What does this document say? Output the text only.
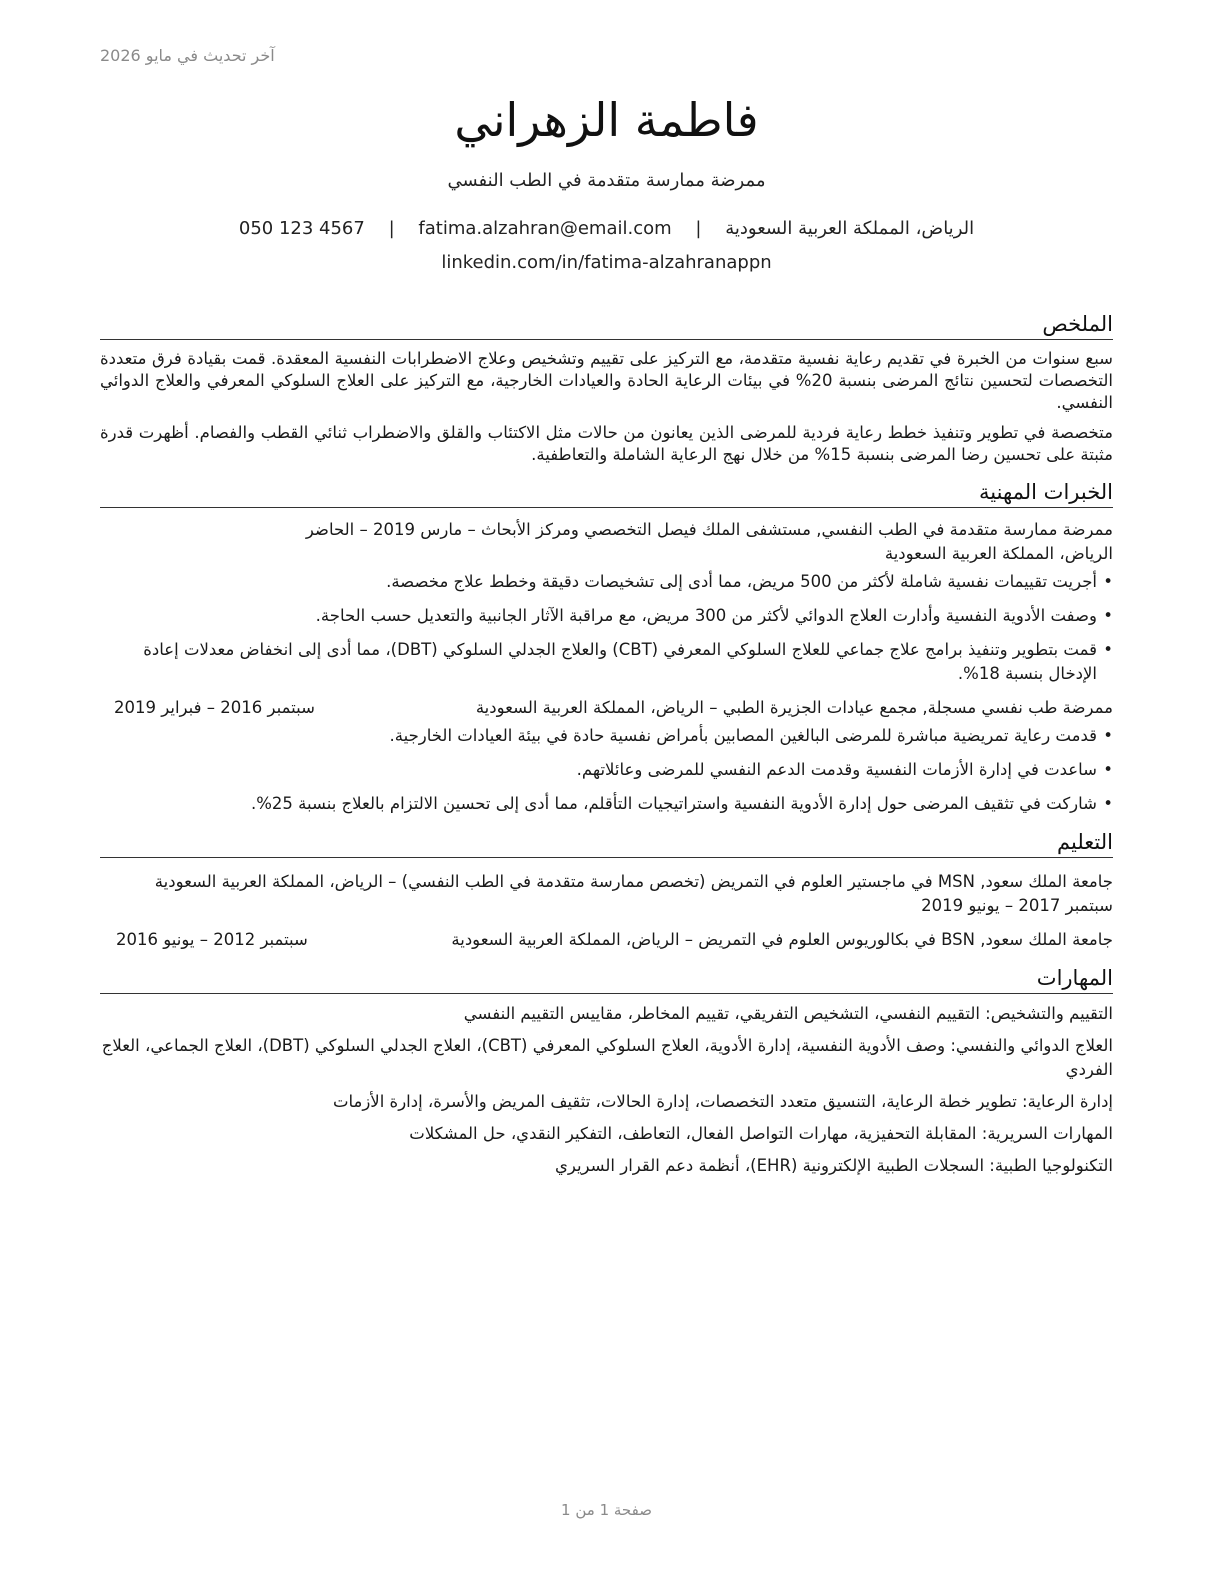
آخر تحديث في مايو 2026
فاطمة الزهراني
ممرضة ممارسة متقدمة في الطب النفسي
الرياض، المملكة العربية السعودية | fatima.alzahran@email.com | 050 123 4567
linkedin.com/in/fatima-alzahranappn
الملخص

سبع سنوات من الخبرة في تقديم رعاية نفسية متقدمة، مع التركيز على تقييم وتشخيص وعلاج الاضطرابات النفسية المعقدة. قمت بقيادة فرق متعددة التخصصات لتحسين نتائج المرضى بنسبة 20% في بيئات الرعاية الحادة والعيادات الخارجية، مع التركيز على العلاج السلوكي المعرفي والعلاج الدوائي النفسي.

متخصصة في تطوير وتنفيذ خطط رعاية فردية للمرضى الذين يعانون من حالات مثل الاكتئاب والقلق والاضطراب ثنائي القطب والفصام. أظهرت قدرة مثبتة على تحسين رضا المرضى بنسبة 15% من خلال نهج الرعاية الشاملة والتعاطفية.

الخبرات المهنية
ممرضة ممارسة متقدمة في الطب النفسي, مستشفى الملك فيصل التخصصي ومركز الأبحاث – مارس 2019 – الحاضر
الرياض، المملكة العربية السعودية
•
أجريت تقييمات نفسية شاملة لأكثر من 500 مريض، مما أدى إلى تشخيصات دقيقة وخطط علاج مخصصة.
•
وصفت الأدوية النفسية وأدارت العلاج الدوائي لأكثر من 300 مريض، مع مراقبة الآثار الجانبية والتعديل حسب الحاجة.
•
قمت بتطوير وتنفيذ برامج علاج جماعي للعلاج السلوكي المعرفي (CBT) والعلاج الجدلي السلوكي (DBT)، مما أدى إلى انخفاض معدلات إعادة الإدخال بنسبة 18%.
ممرضة طب نفسي مسجلة, مجمع عيادات الجزيرة الطبي – الرياض، المملكة العربية السعودية
سبتمبر 2016 – فبراير 2019
•
قدمت رعاية تمريضية مباشرة للمرضى البالغين المصابين بأمراض نفسية حادة في بيئة العيادات الخارجية.
•
ساعدت في إدارة الأزمات النفسية وقدمت الدعم النفسي للمرضى وعائلاتهم.
•
شاركت في تثقيف المرضى حول إدارة الأدوية النفسية واستراتيجيات التأقلم، مما أدى إلى تحسين الالتزام بالعلاج بنسبة 25%.
التعليم
جامعة الملك سعود, MSN في ماجستير العلوم في التمريض (تخصص ممارسة متقدمة في الطب النفسي) – الرياض، المملكة العربية السعودية سبتمبر 2017 – يونيو 2019
جامعة الملك سعود, BSN في بكالوريوس العلوم في التمريض – الرياض، المملكة العربية السعودية
سبتمبر 2012 – يونيو 2016
المهارات
التقييم والتشخيص: التقييم النفسي، التشخيص التفريقي، تقييم المخاطر، مقاييس التقييم النفسي
العلاج الدوائي والنفسي: وصف الأدوية النفسية، إدارة الأدوية، العلاج السلوكي المعرفي (CBT)، العلاج الجدلي السلوكي (DBT)، العلاج الجماعي، العلاج الفردي
إدارة الرعاية: تطوير خطة الرعاية، التنسيق متعدد التخصصات، إدارة الحالات، تثقيف المريض والأسرة، إدارة الأزمات
المهارات السريرية: المقابلة التحفيزية، مهارات التواصل الفعال، التعاطف، التفكير النقدي، حل المشكلات
التكنولوجيا الطبية: السجلات الطبية الإلكترونية (EHR)، أنظمة دعم القرار السريري
صفحة 1 من 1
